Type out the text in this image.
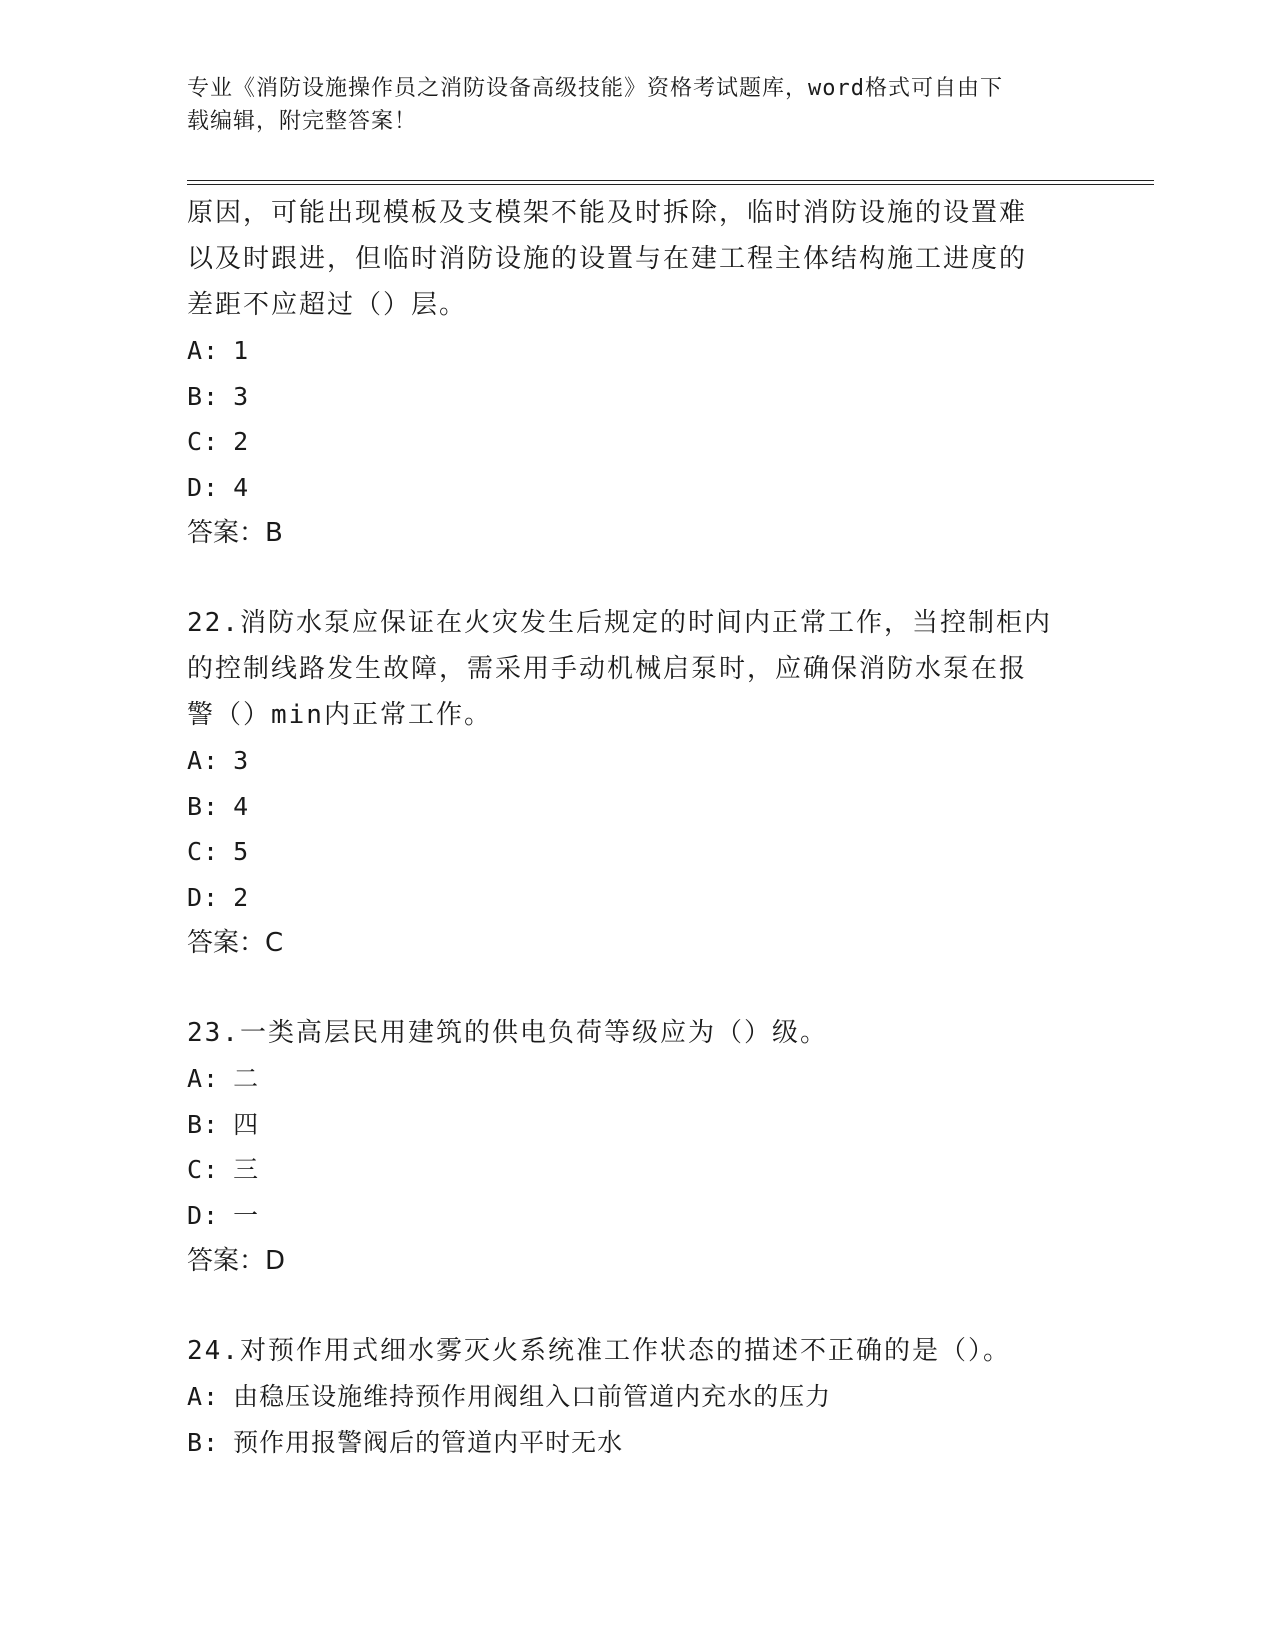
专业《消防设施操作员之消防设备高级技能》资格考试题库，word格式可自由下
载编辑，附完整答案！

原因，可能出现模板及支模架不能及时拆除，临时消防设施的设置难

以及时跟进，但临时消防设施的设置与在建工程主体结构施工进度的

差距不应超过（）层。

A: 1

B: 3

C: 2

D: 4

答案：B

22.消防水泵应保证在火灾发生后规定的时间内正常工作，当控制柜内

的控制线路发生故障，需采用手动机械启泵时，应确保消防水泵在报

警（）min内正常工作。

A: 3

B: 4

C: 5

D: 2

答案：C

23.一类高层民用建筑的供电负荷等级应为（）级。

A: 二

B: 四

C: 三

D: 一

答案：D

24.对预作用式细水雾灭火系统准工作状态的描述不正确的是（）。

A: 由稳压设施维持预作用阀组入口前管道内充水的压力

B: 预作用报警阀后的管道内平时无水
